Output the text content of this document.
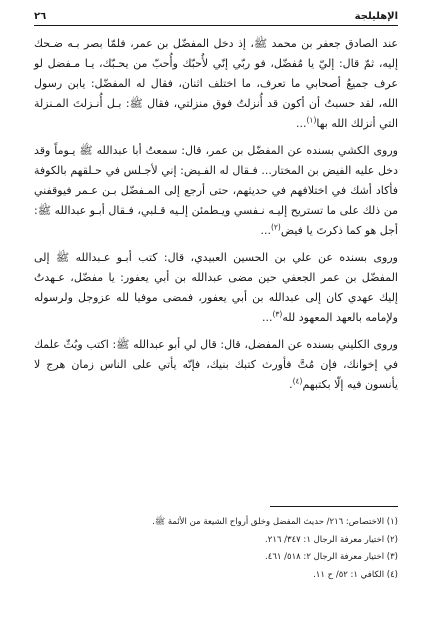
الإهليلجة
٢٦

عند الصادق جعفر بن محمد ﷺ، إذ دخل المفضّل بن عمر، فلمّا بصر بـه ضـحك إليه، ثمّ قال: إليّ يا مُفضّل، فو ربّي إنّي لأُحبّك وأُحبّ من يحـبّك، يـا مـفضل لو عرف جميعُ أصحابي ما تعرف، ما اختلف اثنان، فقال له المفضّل: يابن رسول الله، لقد حسبتُ أن أكون قد أُنزلتُ فوق منزلتي، فقال ﷺ: بـل أُنـزلتَ المـنزلة التي أنزلك الله بها$^{(١)}$...

وروى الكشي بسنده عن المفضّل بن عمر، قال: سمعتُ أبا عبدالله ﷺ يـوماً وقد دخل عليه الفيض بن المختار... فـقال له الفـيض: إني لأجـلس في حـلقهم بالكوفة فأكاد أشك في اختلافهم في حديثهم، حتى أرجع إلى المـفضّل بـن عـمر فيوقفني من ذلك على ما تستريح إليـه نـفسي ويـطمئن إلـيه قـلبي، فـقال أبـو عبدالله ﷺ: أجل هو كما ذكرتَ يا فيض$^{(٢)}$...

وروى بسنده عن علي بن الحسين العبيدي، قال: كتب أبـو عـبدالله ﷺ إلى المفضّل بن عمر الجعفي حين مضى عبدالله بن أبي يعفور: يا مفضّل، عـهدتُ إليك عهدي كان إلى عبدالله بن أبي يعفور، فمضى موفيا لله عزوجل ولرسوله ولإمامه بالعهد المعهود لله$^{(٣)}$...

وروى الكليني بسنده عن المفضل، قال: قال لي أبو عبدالله ﷺ: اكتب وبُثّ علمك في إخوانك، فإن مُتَّ فأورث كتبك بنيك، فإنّه يأتي على الناس زمان هرج لا يأنسون فيه إلّا بكتبهم$^{(٤)}$.

(١) الاختصاص: ٢١٦/ حديث المفضل وخلق أرواح الشيعة من الأئمة ﷺ.
(٢) اختيار معرفة الرجال ١: ٣٤٧/ ٢١٦.
(٣) اختيار معرفة الرجال ٢: ٥١٨/ ٤٦١.
(٤) الكافي ١: ٥٢/ ح ١١.
